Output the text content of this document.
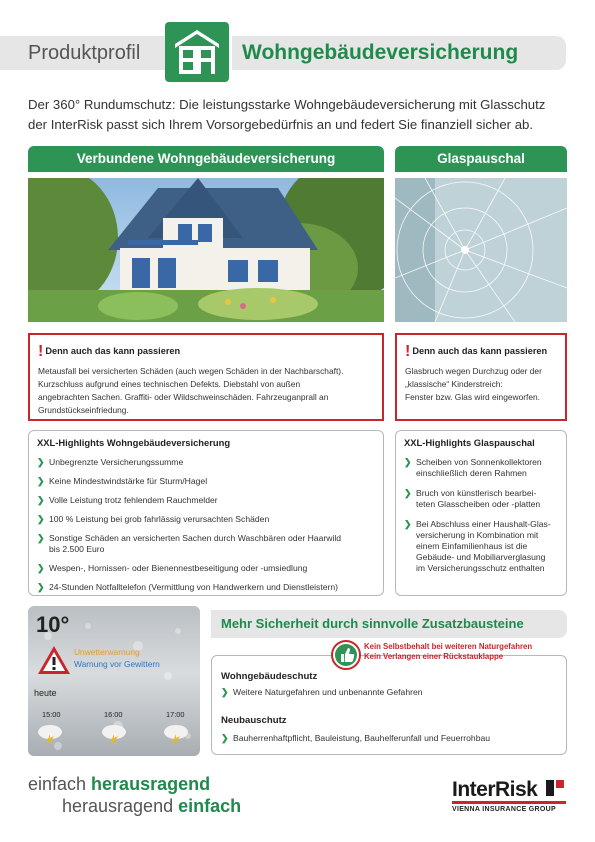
Produktprofil	Wohngebäudeversicherung
Der 360° Rundumschutz: Die leistungsstarke Wohngebäudeversicherung mit Glasschutz der InterRisk passt sich Ihrem Vorsorgebedürfnis an und federt Sie finanziell sicher ab.
Verbundene Wohngebäudeversicherung	Glaspauschal
! Denn auch das kann passieren
Metausfall bei versicherten Schäden (auch wegen Schäden in der Nachbarschaft).
Kurzschluss aufgrund eines technischen Defekts. Diebstahl von außen
angebrachten Sachen. Graffiti- oder Wildschweinschäden. Fahrzeuganprall an
Grundstückseinfriedung.
! Denn auch das kann passieren
Glasbruch wegen Durchzug oder der
„klassische“ Kinderstreich:
Fenster bzw. Glas wird eingeworfen.
XXL-Highlights Wohngebäudeversicherung
❯ Unbegrenzte Versicherungssumme
❯ Keine Mindestwindstärke für Sturm/Hagel
❯ Volle Leistung trotz fehlendem Rauchmelder
❯ 100 % Leistung bei grob fahrlässig verursachten Schäden
❯ Sonstige Schäden an versicherten Sachen durch Waschbären oder Haarwild
bis 2.500 Euro
❯ Wespen-, Hornissen- oder Bienennestbeseitigung oder -umsiedlung
❯ 24-Stunden Notfalltelefon (Vermittlung von Handwerkern und Dienstleistern)
XXL-Highlights Glaspauschal
❯ Scheiben von Sonnenkollektoren
einschließlich deren Rahmen
❯ Bruch von künstlerisch bearbei-
teten Glasscheiben oder -platten
❯ Bei Abschluss einer Haushalt-Glas-
versicherung in Kombination mit
einem Einfamilienhaus ist die
Gebäude- und Mobiliarverglasung
im Versicherungsschutz enthalten
10°
Unwetterwarnung
Warnung vor Gewittern
heute
15:00	16:00	17:00
Mehr Sicherheit durch sinnvolle Zusatzbausteine
Wohngebäudeschutz
❯ Weitere Naturgefahren und unbenannte Gefahren
Neubauschutz
❯ Bauherrenhaftpflicht, Bauleistung, Bauhelferunfall und Feuerrohbau
Kein Selbstbehalt bei weiteren Naturgefahren
Kein Verlangen einer Rückstauklappe
einfach herausragend
herausragend einfach
InterRisk
VIENNA INSURANCE GROUP
